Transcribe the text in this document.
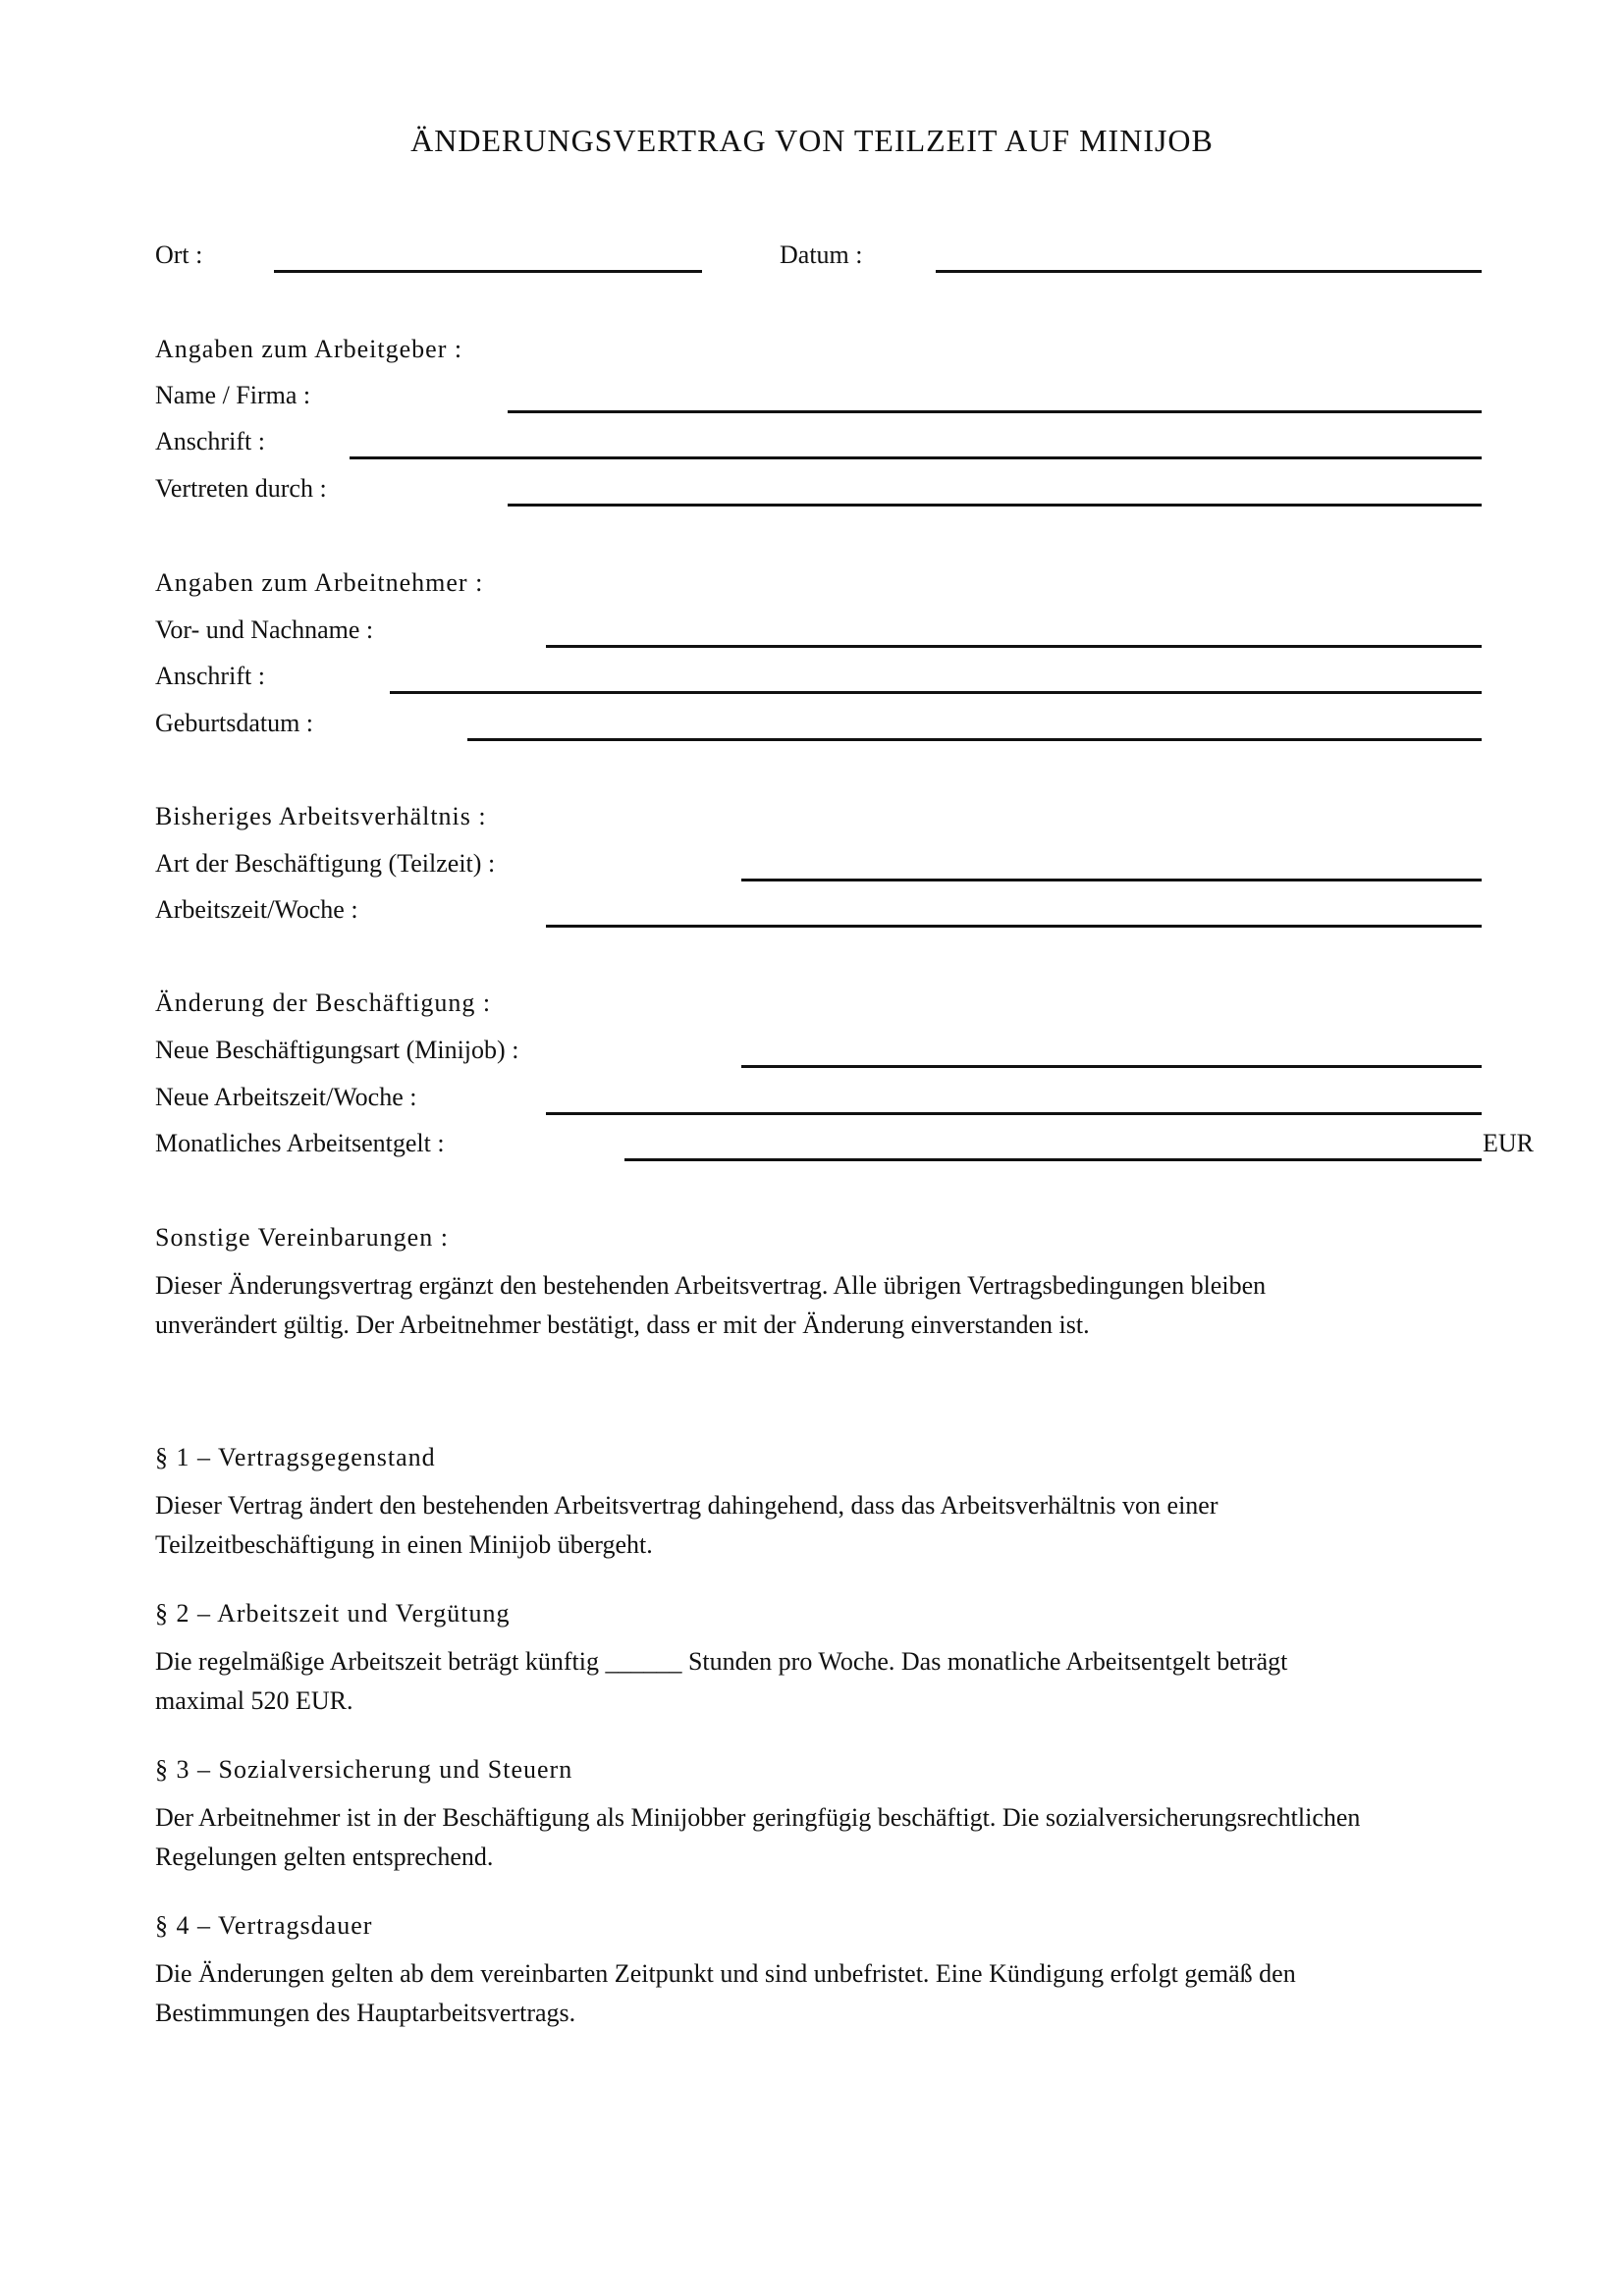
ÄNDERUNGSVERTRAG VON TEILZEIT AUF MINIJOB
Ort :	Datum :
Angaben zum Arbeitgeber :
Name / Firma :
Anschrift :
Vertreten durch :
Angaben zum Arbeitnehmer :
Vor- und Nachname :
Anschrift :
Geburtsdatum :
Bisheriges Arbeitsverhältnis :
Art der Beschäftigung (Teilzeit) :
Arbeitszeit/Woche :
Änderung der Beschäftigung :
Neue Beschäftigungsart (Minijob) :
Neue Arbeitszeit/Woche :
Monatliches Arbeitsentgelt :	EUR
Sonstige Vereinbarungen :
Dieser Änderungsvertrag ergänzt den bestehenden Arbeitsvertrag. Alle übrigen Vertragsbedingungen bleiben
unverändert gültig. Der Arbeitnehmer bestätigt, dass er mit der Änderung einverstanden ist.
§ 1 – Vertragsgegenstand
Dieser Vertrag ändert den bestehenden Arbeitsvertrag dahingehend, dass das Arbeitsverhältnis von einer
Teilzeitbeschäftigung in einen Minijob übergeht.
§ 2 – Arbeitszeit und Vergütung
Die regelmäßige Arbeitszeit beträgt künftig ______ Stunden pro Woche. Das monatliche Arbeitsentgelt beträgt
maximal 520 EUR.
§ 3 – Sozialversicherung und Steuern
Der Arbeitnehmer ist in der Beschäftigung als Minijobber geringfügig beschäftigt. Die sozialversicherungsrechtlichen
Regelungen gelten entsprechend.
§ 4 – Vertragsdauer
Die Änderungen gelten ab dem vereinbarten Zeitpunkt und sind unbefristet. Eine Kündigung erfolgt gemäß den
Bestimmungen des Hauptarbeitsvertrags.
